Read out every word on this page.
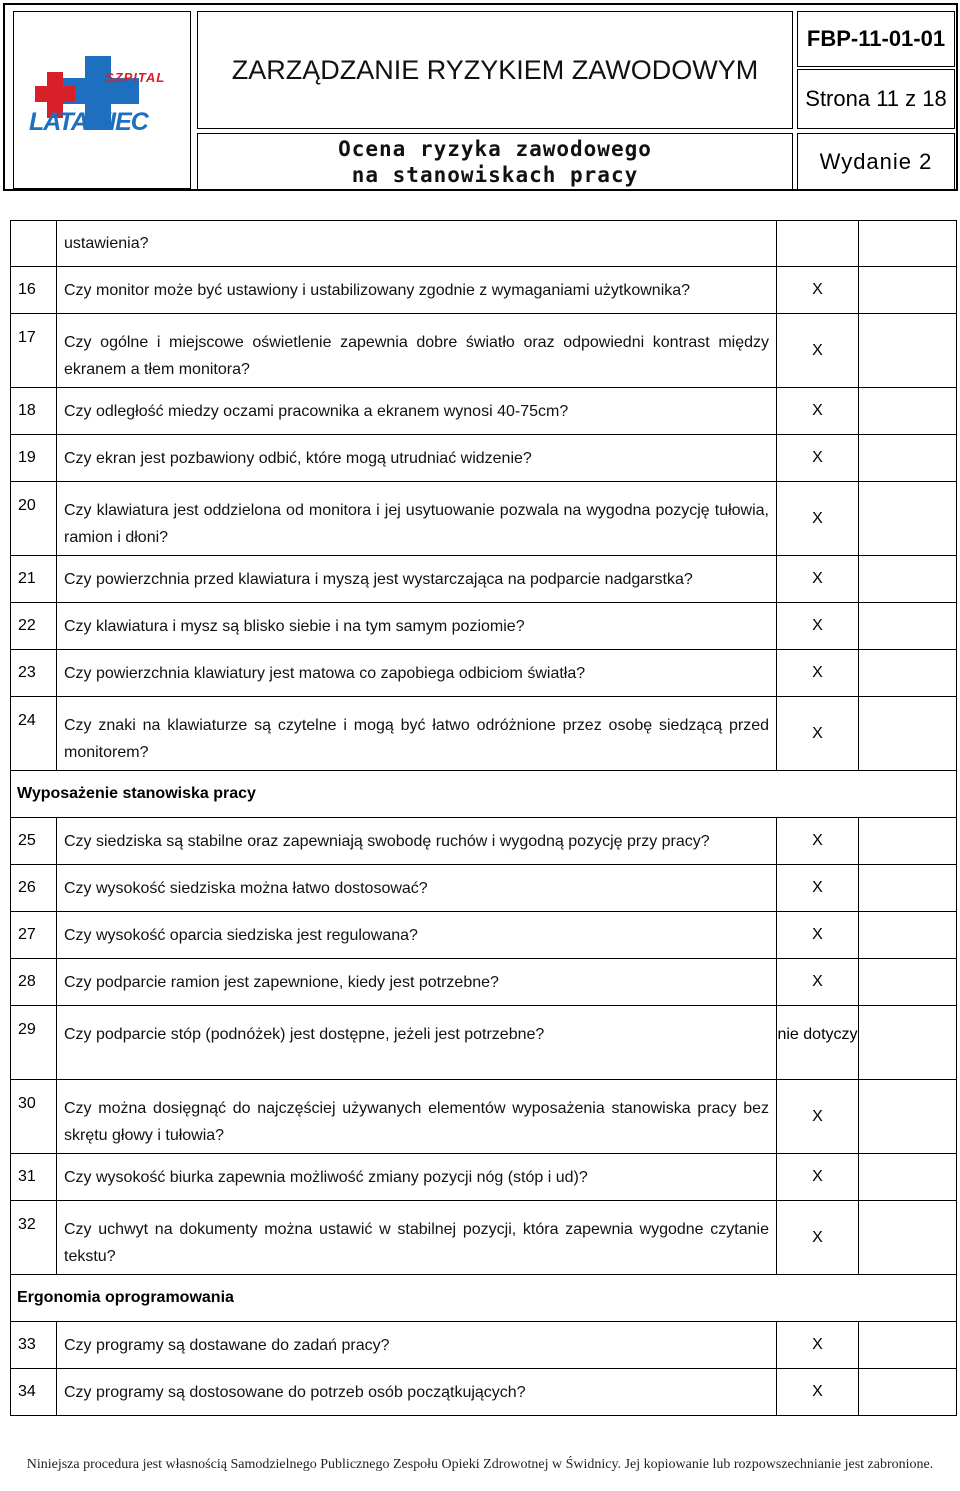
SZPITAL
LATAWIEC
ZARZĄDZANIE RYZYKIEM ZAWODOWYM
Ocena ryzyka zawodowego
na stanowiskach pracy
FBP-11-01-01
Strona 11 z 18
Wydanie 2
	ustawienia?		
16	Czy monitor może być ustawiony i ustabilizowany zgodnie z wymaganiami użytkownika?	X	
17	Czy ogólne i miejscowe oświetlenie zapewnia dobre światło oraz odpowiedni kontrast między ekranem a tłem monitora?	X	
18	Czy odległość miedzy oczami pracownika a ekranem wynosi 40-75cm?	X	
19	Czy ekran jest pozbawiony odbić, które mogą utrudniać widzenie?	X	
20	Czy klawiatura jest oddzielona od monitora i jej usytuowanie pozwala na wygodna pozycję tułowia, ramion i dłoni?	X	
21	Czy powierzchnia przed klawiatura i myszą jest wystarczająca na podparcie nadgarstka?	X	
22	Czy klawiatura i mysz są blisko siebie i na tym samym poziomie?	X	
23	Czy powierzchnia klawiatury jest matowa co zapobiega odbiciom światła?	X	
24	Czy znaki na klawiaturze są czytelne i mogą być łatwo odróżnione przez osobę siedzącą przed monitorem?	X	
Wyposażenie stanowiska pracy			
25	Czy siedziska są stabilne oraz zapewniają swobodę ruchów i wygodną pozycję przy pracy?	X	
26	Czy wysokość siedziska można łatwo dostosować?	X	
27	Czy wysokość oparcia siedziska jest regulowana?	X	
28	Czy podparcie ramion jest zapewnione, kiedy jest potrzebne?	X	
29	Czy podparcie stóp (podnóżek) jest dostępne, jeżeli jest potrzebne?	nie dotyczy	
30	Czy można dosięgnąć do najczęściej używanych elementów wyposażenia stanowiska pracy bez skrętu głowy i tułowia?	X	
31	Czy wysokość biurka zapewnia możliwość zmiany pozycji nóg (stóp i ud)?	X	
32	Czy uchwyt na dokumenty można ustawić w stabilnej pozycji, która zapewnia wygodne czytanie tekstu?	X	
Ergonomia oprogramowania			
33	Czy programy są dostawane do zadań pracy?	X	
34	Czy programy są dostosowane do potrzeb osób początkujących?	X	
Niniejsza procedura jest własnością Samodzielnego Publicznego Zespołu Opieki Zdrowotnej w Świdnicy. Jej kopiowanie lub rozpowszechnianie jest zabronione.
